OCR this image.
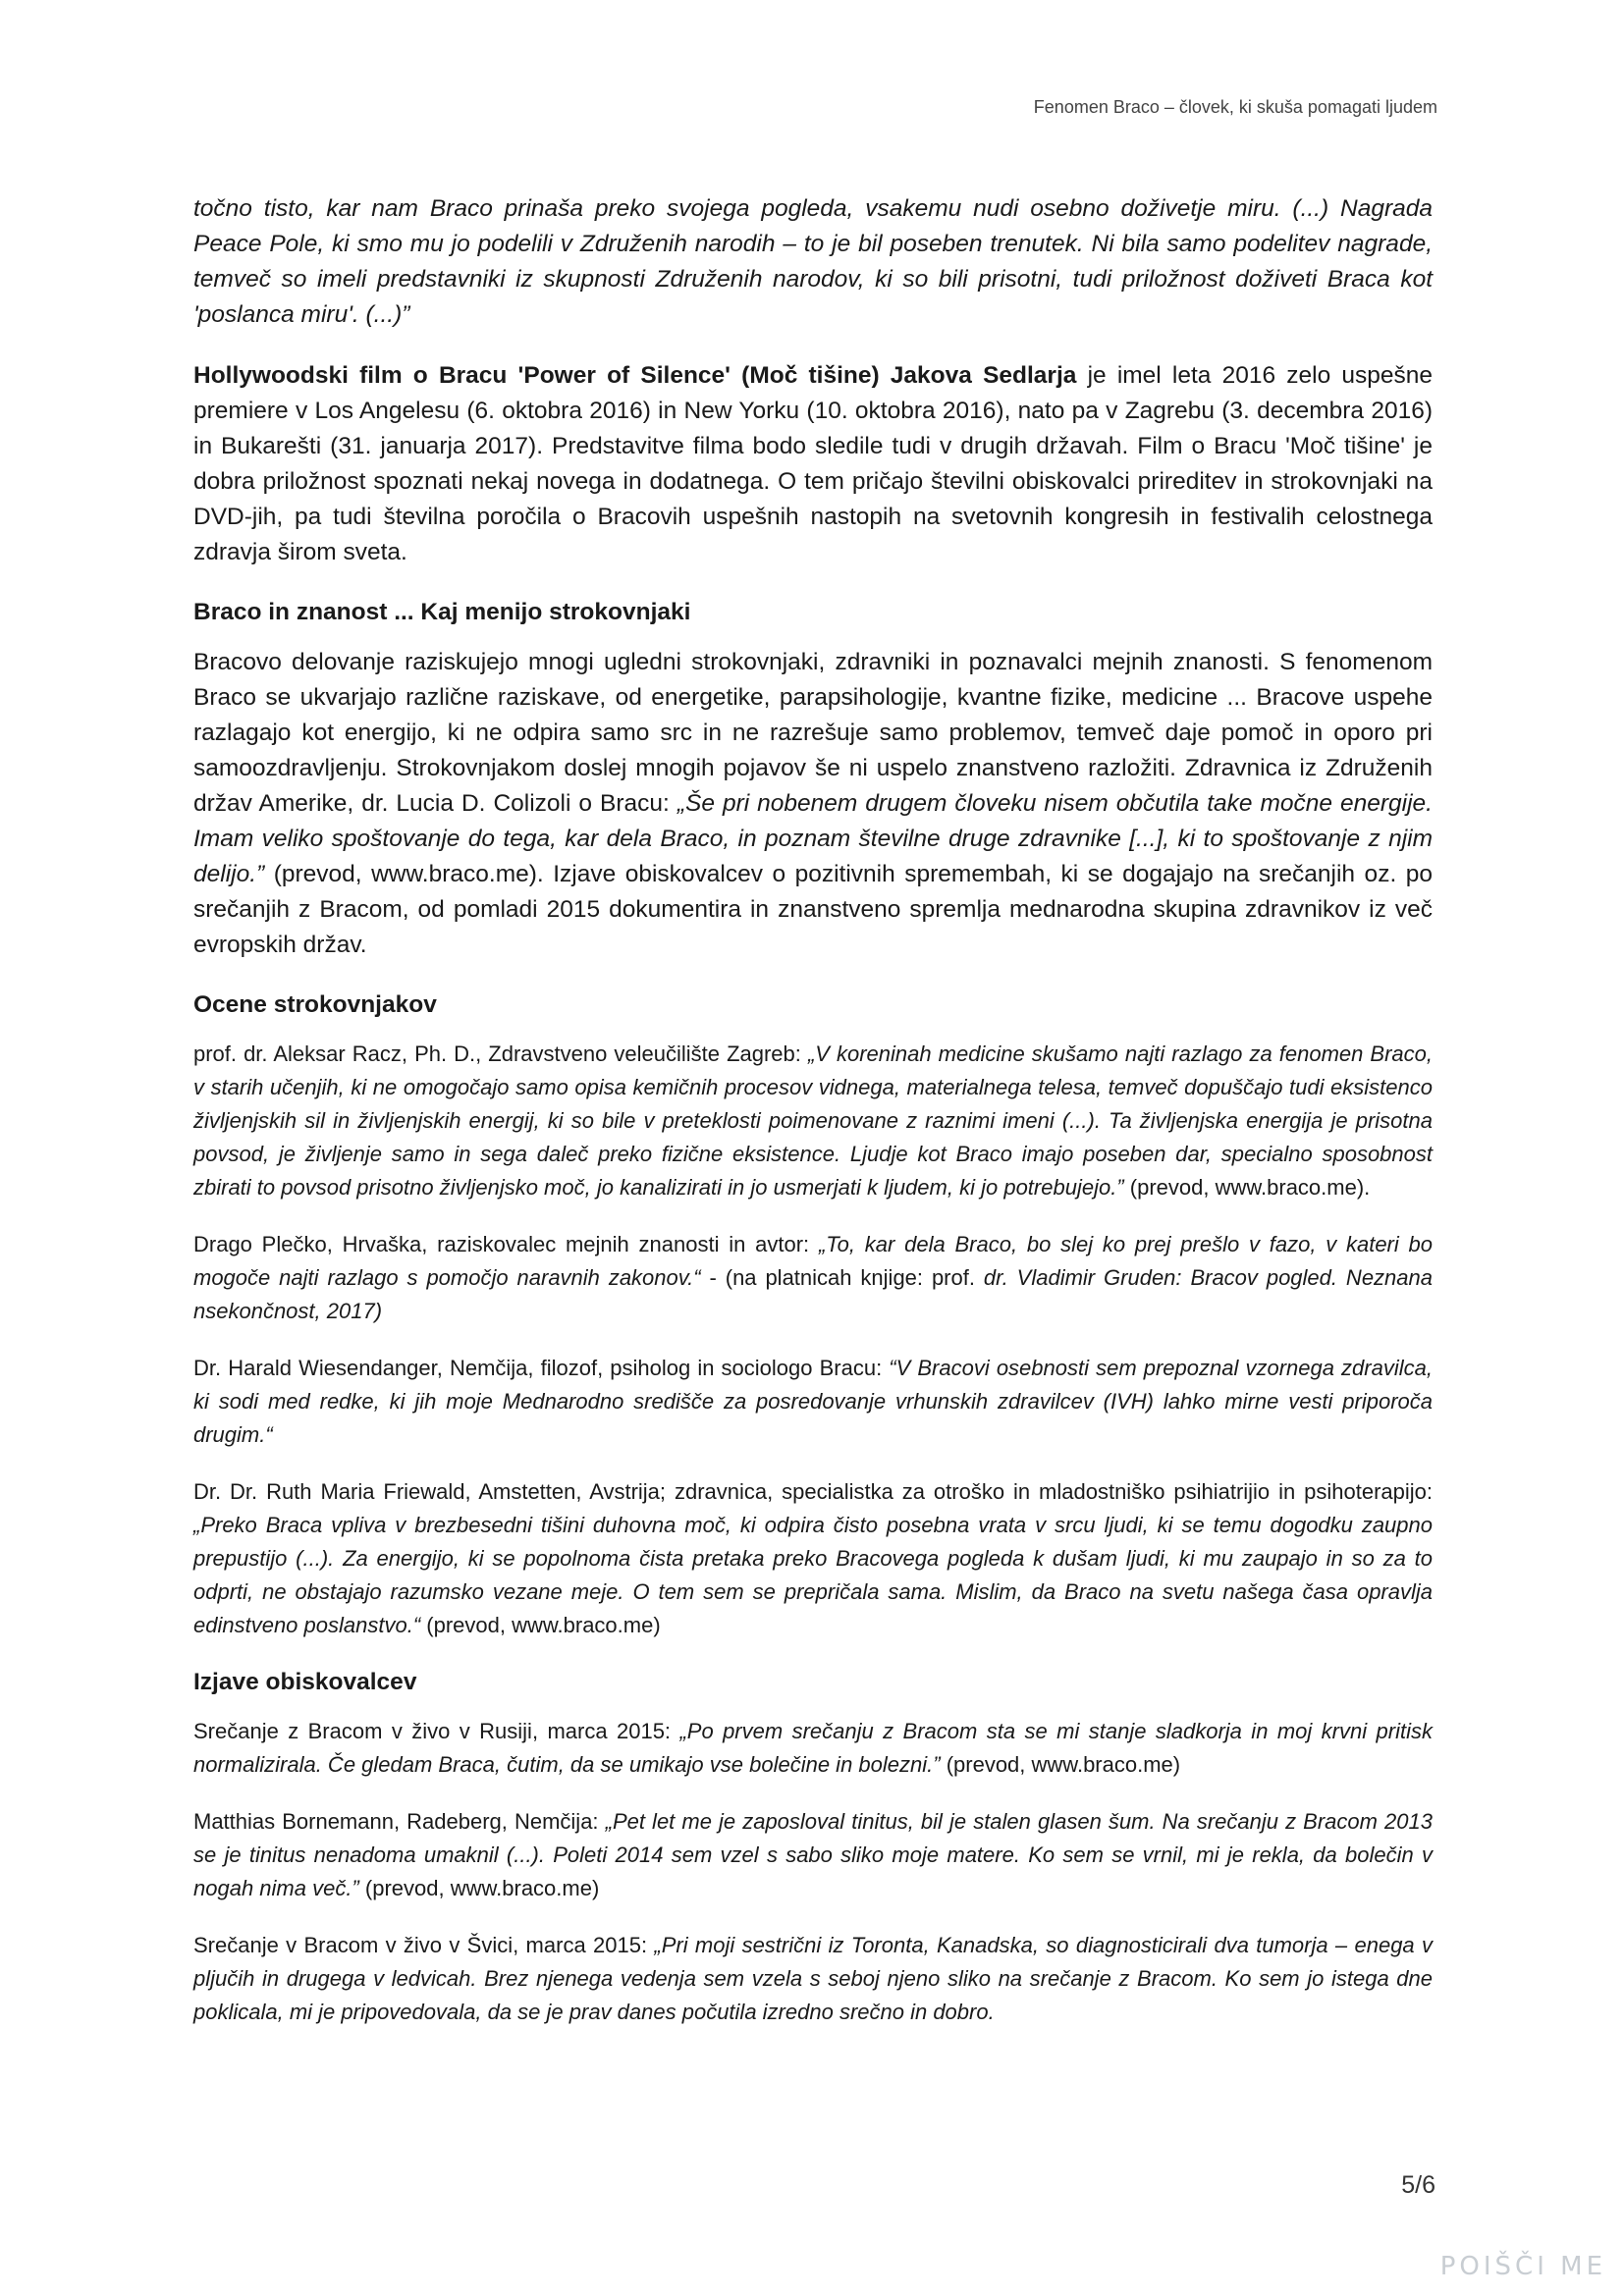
Fenomen Braco – človek, ki skuša pomagati ljudem

točno tisto, kar nam Braco prinaša preko svojega pogleda, vsakemu nudi osebno doživetje miru. (...) Nagrada Peace Pole, ki smo mu jo podelili v Združenih narodih – to je bil poseben trenutek. Ni bila samo podelitev nagrade, temveč so imeli predstavniki iz skupnosti Združenih narodov, ki so bili prisotni, tudi priložnost doživeti Braca kot 'poslanca miru'. (...)”

Hollywoodski film o Bracu 'Power of Silence' (Moč tišine) Jakova Sedlarja je imel leta 2016 zelo uspešne premiere v Los Angelesu (6. oktobra 2016) in New Yorku (10. oktobra 2016), nato pa v Zagrebu (3. decembra 2016) in Bukarešti (31. januarja 2017). Predstavitve filma bodo sledile tudi v drugih državah. Film o Bracu 'Moč tišine' je dobra priložnost spoznati nekaj novega in dodatnega. O tem pričajo številni obiskovalci prireditev in strokovnjaki na DVD-jih, pa tudi številna poročila o Bracovih uspešnih nastopih na svetovnih kongresih in festivalih celostnega zdravja širom sveta.

Braco in znanost ... Kaj menijo strokovnjaki

Bracovo delovanje raziskujejo mnogi ugledni strokovnjaki, zdravniki in poznavalci mejnih znanosti. S fenomenom Braco se ukvarjajo različne raziskave, od energetike, parapsihologije, kvantne fizike, medicine ... Bracove uspehe razlagajo kot energijo, ki ne odpira samo src in ne razrešuje samo problemov, temveč daje pomoč in oporo pri samoozdravljenju. Strokovnjakom doslej mnogih pojavov še ni uspelo znanstveno razložiti. Zdravnica iz Združenih držav Amerike, dr. Lucia D. Colizoli o Bracu: „Še pri nobenem drugem človeku nisem občutila take močne energije. Imam veliko spoštovanje do tega, kar dela Braco, in poznam številne druge zdravnike [...], ki to spoštovanje z njim delijo.” (prevod, www.braco.me). Izjave obiskovalcev o pozitivnih spremembah, ki se dogajajo na srečanjih oz. po srečanjih z Bracom, od pomladi 2015 dokumentira in znanstveno spremlja mednarodna skupina zdravnikov iz več evropskih držav.

Ocene strokovnjakov

prof. dr. Aleksar Racz, Ph. D., Zdravstveno veleučilište Zagreb: „V koreninah medicine skušamo najti razlago za fenomen Braco, v starih učenjih, ki ne omogočajo samo opisa kemičnih procesov vidnega, materialnega telesa, temveč dopuščajo tudi eksistenco življenjskih sil in življenjskih energij, ki so bile v preteklosti poimenovane z raznimi imeni (...). Ta življenjska energija je prisotna povsod, je življenje samo in sega daleč preko fizične eksistence. Ljudje kot Braco imajo poseben dar, specialno sposobnost zbirati to povsod prisotno življenjsko moč, jo kanalizirati in jo usmerjati k ljudem, ki jo potrebujejo.” (prevod, www.braco.me).

Drago Plečko, Hrvaška, raziskovalec mejnih znanosti in avtor: „To, kar dela Braco, bo slej ko prej prešlo v fazo, v kateri bo mogoče najti razlago s pomočjo naravnih zakonov.“ - (na platnicah knjige: prof. dr. Vladimir Gruden: Bracov pogled. Neznana nsekončnost, 2017)

Dr. Harald Wiesendanger, Nemčija, filozof, psiholog in sociologo Bracu: “V Bracovi osebnosti sem prepoznal vzornega zdravilca, ki sodi med redke, ki jih moje Mednarodno središče za posredovanje vrhunskih zdravilcev (IVH) lahko mirne vesti priporoča drugim.“

Dr. Dr. Ruth Maria Friewald, Amstetten, Avstrija; zdravnica, specialistka za otroško in mladostniško psihiatrijio in psihoterapijo: „Preko Braca vpliva v brezbesedni tišini duhovna moč, ki odpira čisto posebna vrata v srcu ljudi, ki se temu dogodku zaupno prepustijo (...). Za energijo, ki se popolnoma čista pretaka preko Bracovega pogleda k dušam ljudi, ki mu zaupajo in so za to odprti, ne obstajajo razumsko vezane meje. O tem sem se prepričala sama. Mislim, da Braco na svetu našega časa opravlja edinstveno poslanstvo.“ (prevod, www.braco.me)

Izjave obiskovalcev

Srečanje z Bracom v živo v Rusiji, marca 2015: „Po prvem srečanju z Bracom sta se mi stanje sladkorja in moj krvni pritisk normalizirala. Če gledam Braca, čutim, da se umikajo vse bolečine in bolezni.” (prevod, www.braco.me)

Matthias Bornemann, Radeberg, Nemčija: „Pet let me je zaposloval tinitus, bil je stalen glasen šum. Na srečanju z Bracom 2013 se je tinitus nenadoma umaknil (...). Poleti 2014 sem vzel s sabo sliko moje matere. Ko sem se vrnil, mi je rekla, da bolečin v nogah nima več.” (prevod, www.braco.me)

Srečanje v Bracom v živo v Švici, marca 2015: „Pri moji sestrični iz Toronta, Kanadska, so diagnosticirali dva tumorja – enega v pljučih in drugega v ledvicah. Brez njenega vedenja sem vzela s seboj njeno sliko na srečanje z Bracom. Ko sem jo istega dne poklicala, mi je pripovedovala, da se je prav danes počutila izredno srečno in dobro.

5/6
POIŠČI ME
